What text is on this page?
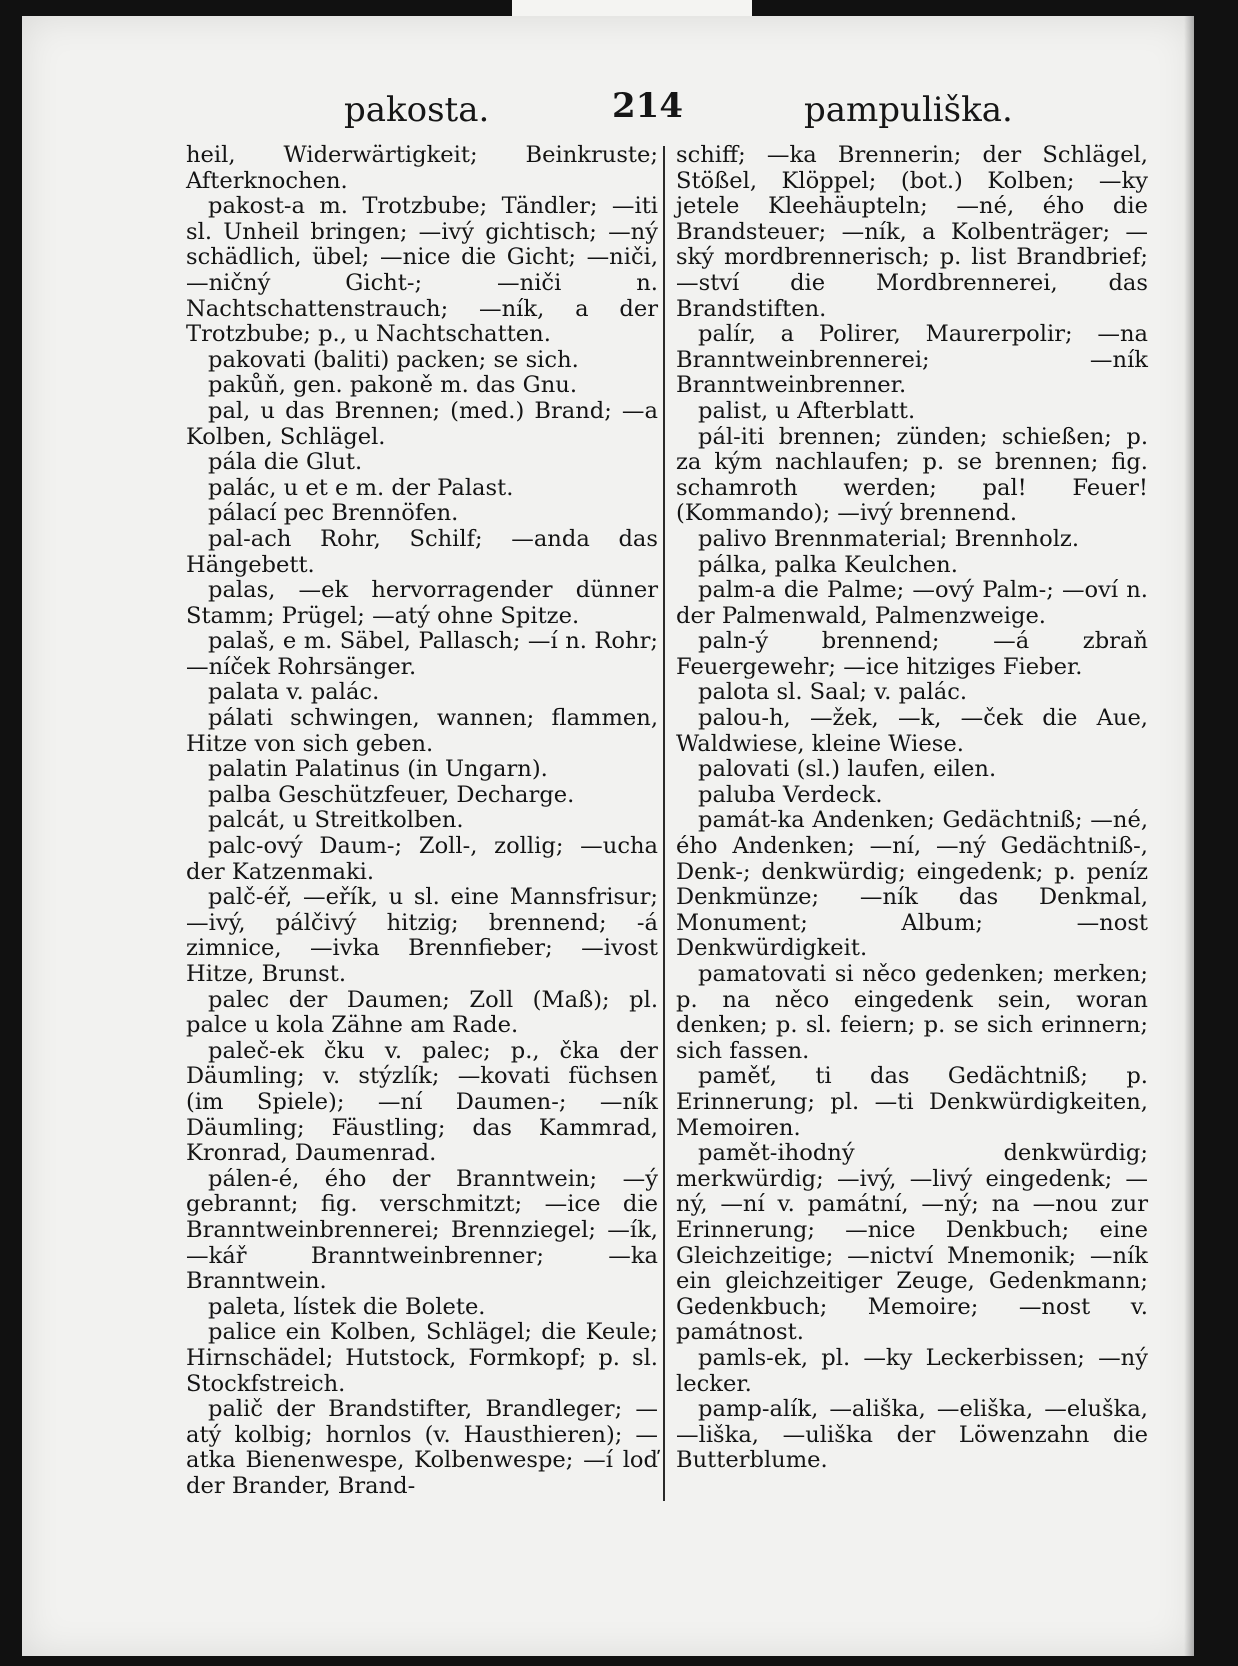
pakosta.	214	pampuliška.

heil, Widerwärtigkeit; Beinkruste; Afterknochen.

pakost-a m. Trotzbube; Tändler; —iti sl. Unheil bringen; —ivý gichtisch; —ný schädlich, übel; —nice die Gicht; —niči, —ničný Gicht-; —niči n. Nachtschattenstrauch; —ník, a der Trotzbube; p., u Nachtschatten.

pakovati (baliti) packen; se sich.

pakůň, gen. pakoně m. das Gnu.

pal, u das Brennen; (med.) Brand; —a Kolben, Schlägel.

pála die Glut.

palác, u et e m. der Palast.

pálací pec Brennöfen.

pal-ach Rohr, Schilf; —anda das Hängebett.

palas, —ek hervorragender dünner Stamm; Prügel; —atý ohne Spitze.

palaš, e m. Säbel, Pallasch; —í n. Rohr; —níček Rohrsänger.

palata v. palác.

pálati schwingen, wannen; flammen, Hitze von sich geben.

palatin Palatinus (in Ungarn).

palba Geschützfeuer, Decharge.

palcát, u Streitkolben.

palc-ový Daum-; Zoll-, zollig; —ucha der Katzenmaki.

palč-éř, —eřík, u sl. eine Mannsfrisur; —ivý, pálčivý hitzig; brennend; -á zimnice, —ivka Brennfieber; —ivost Hitze, Brunst.

palec der Daumen; Zoll (Maß); pl. palce u kola Zähne am Rade.

paleč-ek čku v. palec; p., čka der Däumling; v. stýzlík; —kovati füchsen (im Spiele); —ní Daumen-; —ník Däumling; Fäustling; das Kammrad, Kronrad, Daumenrad.

pálen-é, ého der Branntwein; —ý gebrannt; fig. verschmitzt; —ice die Branntweinbrennerei; Brennziegel; —ík, —kář Branntweinbrenner; —ka Branntwein.

paleta, lístek die Bolete.

palice ein Kolben, Schlägel; die Keule; Hirnschädel; Hutstock, Formkopf; p. sl. Stockfstreich.

palič der Brandstifter, Brandleger; —atý kolbig; hornlos (v. Hausthieren); —atka Bienenwespe, Kolbenwespe; —í loď der Brander, Brand-

schiff; —ka Brennerin; der Schlägel, Stößel, Klöppel; (bot.) Kolben; —ky jetele Kleehäupteln; —né, ého die Brandsteuer; —ník, a Kolbenträger; —ský mordbrennerisch; p. list Brandbrief; —ství die Mordbrennerei, das Brandstiften.

palír, a Polirer, Maurerpolir; —na Branntweinbrennerei; —ník Branntweinbrenner.

palist, u Afterblatt.

pál-iti brennen; zünden; schießen; p. za kým nachlaufen; p. se brennen; fig. schamroth werden; pal! Feuer! (Kommando); —ivý brennend.

palivo Brennmaterial; Brennholz.

pálka, palka Keulchen.

palm-a die Palme; —ový Palm-; —oví n. der Palmenwald, Palmenzweige.

paln-ý brennend; —á zbraň Feuergewehr; —ice hitziges Fieber.

palota sl. Saal; v. palác.

palou-h, —žek, —k, —ček die Aue, Waldwiese, kleine Wiese.

palovati (sl.) laufen, eilen.

paluba Verdeck.

památ-ka Andenken; Gedächtniß; —né, ého Andenken; —ní, —ný Gedächtniß-, Denk-; denkwürdig; eingedenk; p. peníz Denkmünze; —ník das Denkmal, Monument; Album; —nost Denkwürdigkeit.

pamatovati si něco gedenken; merken; p. na něco eingedenk sein, woran denken; p. sl. feiern; p. se sich erinnern; sich fassen.

paměť, ti das Gedächtniß; p. Erinnerung; pl. —ti Denkwürdigkeiten, Memoiren.

pamět-ihodný denkwürdig; merkwürdig; —ivý, —livý eingedenk; —ný, —ní v. památní, —ný; na —nou zur Erinnerung; —nice Denkbuch; eine Gleichzeitige; —nictví Mnemonik; —ník ein gleichzeitiger Zeuge, Gedenkmann; Gedenkbuch; Memoire; —nost v. památnost.

pamls-ek, pl. —ky Leckerbissen; —ný lecker.

pamp-alík, —ališka, —eliška, —eluška, —liška, —uliška der Löwenzahn die Butterblume.
